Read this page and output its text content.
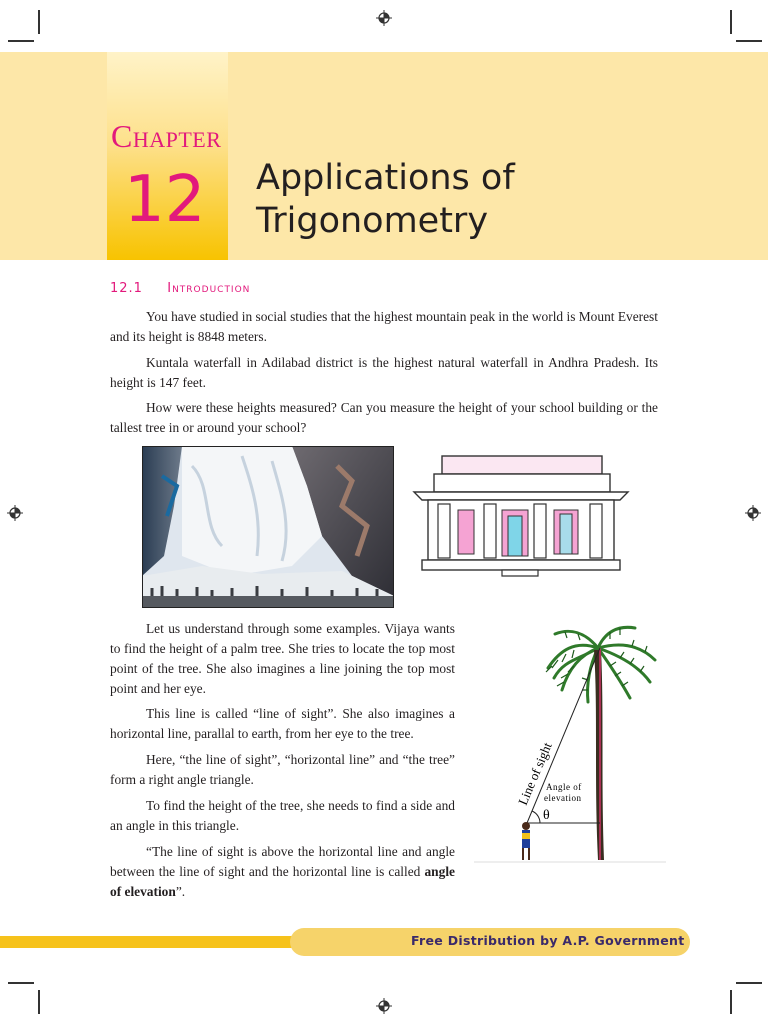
Chapter
12 Applications of
Trigonometry
12.1 Introduction

You have studied in social studies that the highest mountain peak in the world is Mount Everest and its height is 8848 meters.

Kuntala waterfall in Adilabad district is the highest natural waterfall in Andhra Pradesh. Its height is 147 feet.

How were these heights measured? Can you measure the height of your school building or the tallest tree in or around your school?

Let us understand through some examples. Vijaya wants to find the height of a palm tree. She tries to locate the top most point of the tree. She also imagines a line joining the top most point and her eye.

This line is called “line of sight”. She also imagines a horizontal line, parallal to earth, from her eye to the tree.

Here, “the line of sight”, “horizontal line” and “the tree” form a right angle triangle.

To find the height of the tree, she needs to find a side and an angle in this triangle.

“The line of sight is above the horizontal line and angle between the line of sight and the horizontal line is called angle of elevation”.

Line of sight
Angle of
elevation
θ
Free Distribution by A.P. Government
